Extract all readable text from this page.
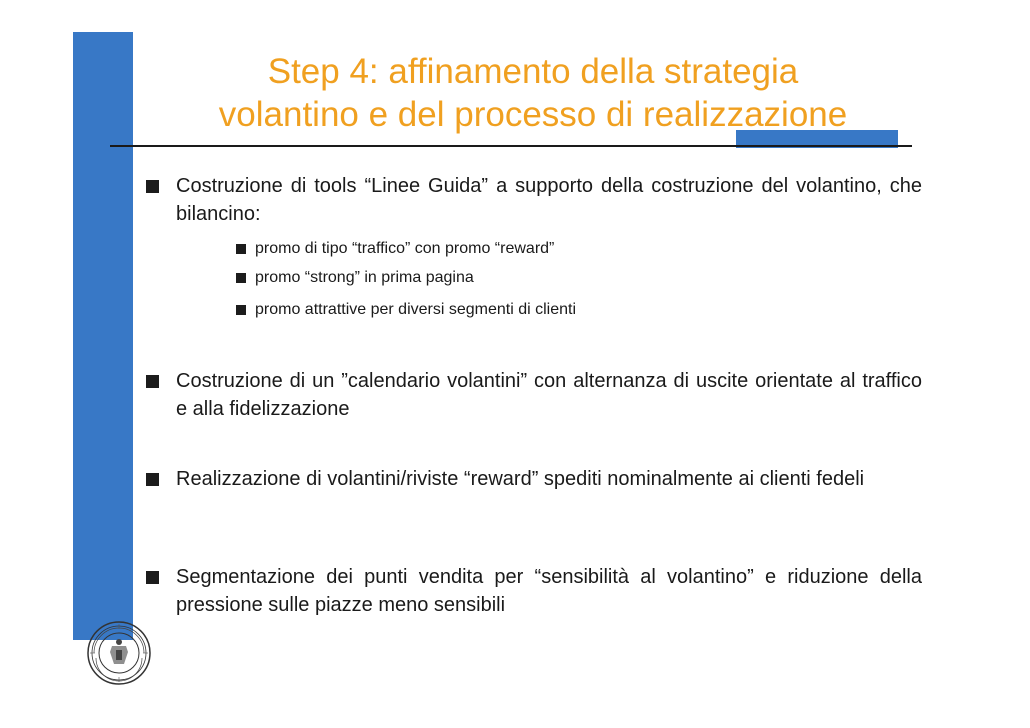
Step 4: affinamento della strategia
volantino e del processo di realizzazione
Costruzione di tools “Linee Guida” a supporto della costruzione del volantino, che bilancino:
promo di tipo “traffico” con promo “reward”
promo “strong” in prima pagina
promo attrattive per diversi segmenti di clienti
Costruzione di un ”calendario volantini” con alternanza di uscite orientate al traffico e alla fidelizzazione
Realizzazione di volantini/riviste “reward” spediti nominalmente ai clienti fedeli
Segmentazione dei punti vendita per “sensibilità al volantino” e riduzione della pressione sulle piazze meno sensibili
